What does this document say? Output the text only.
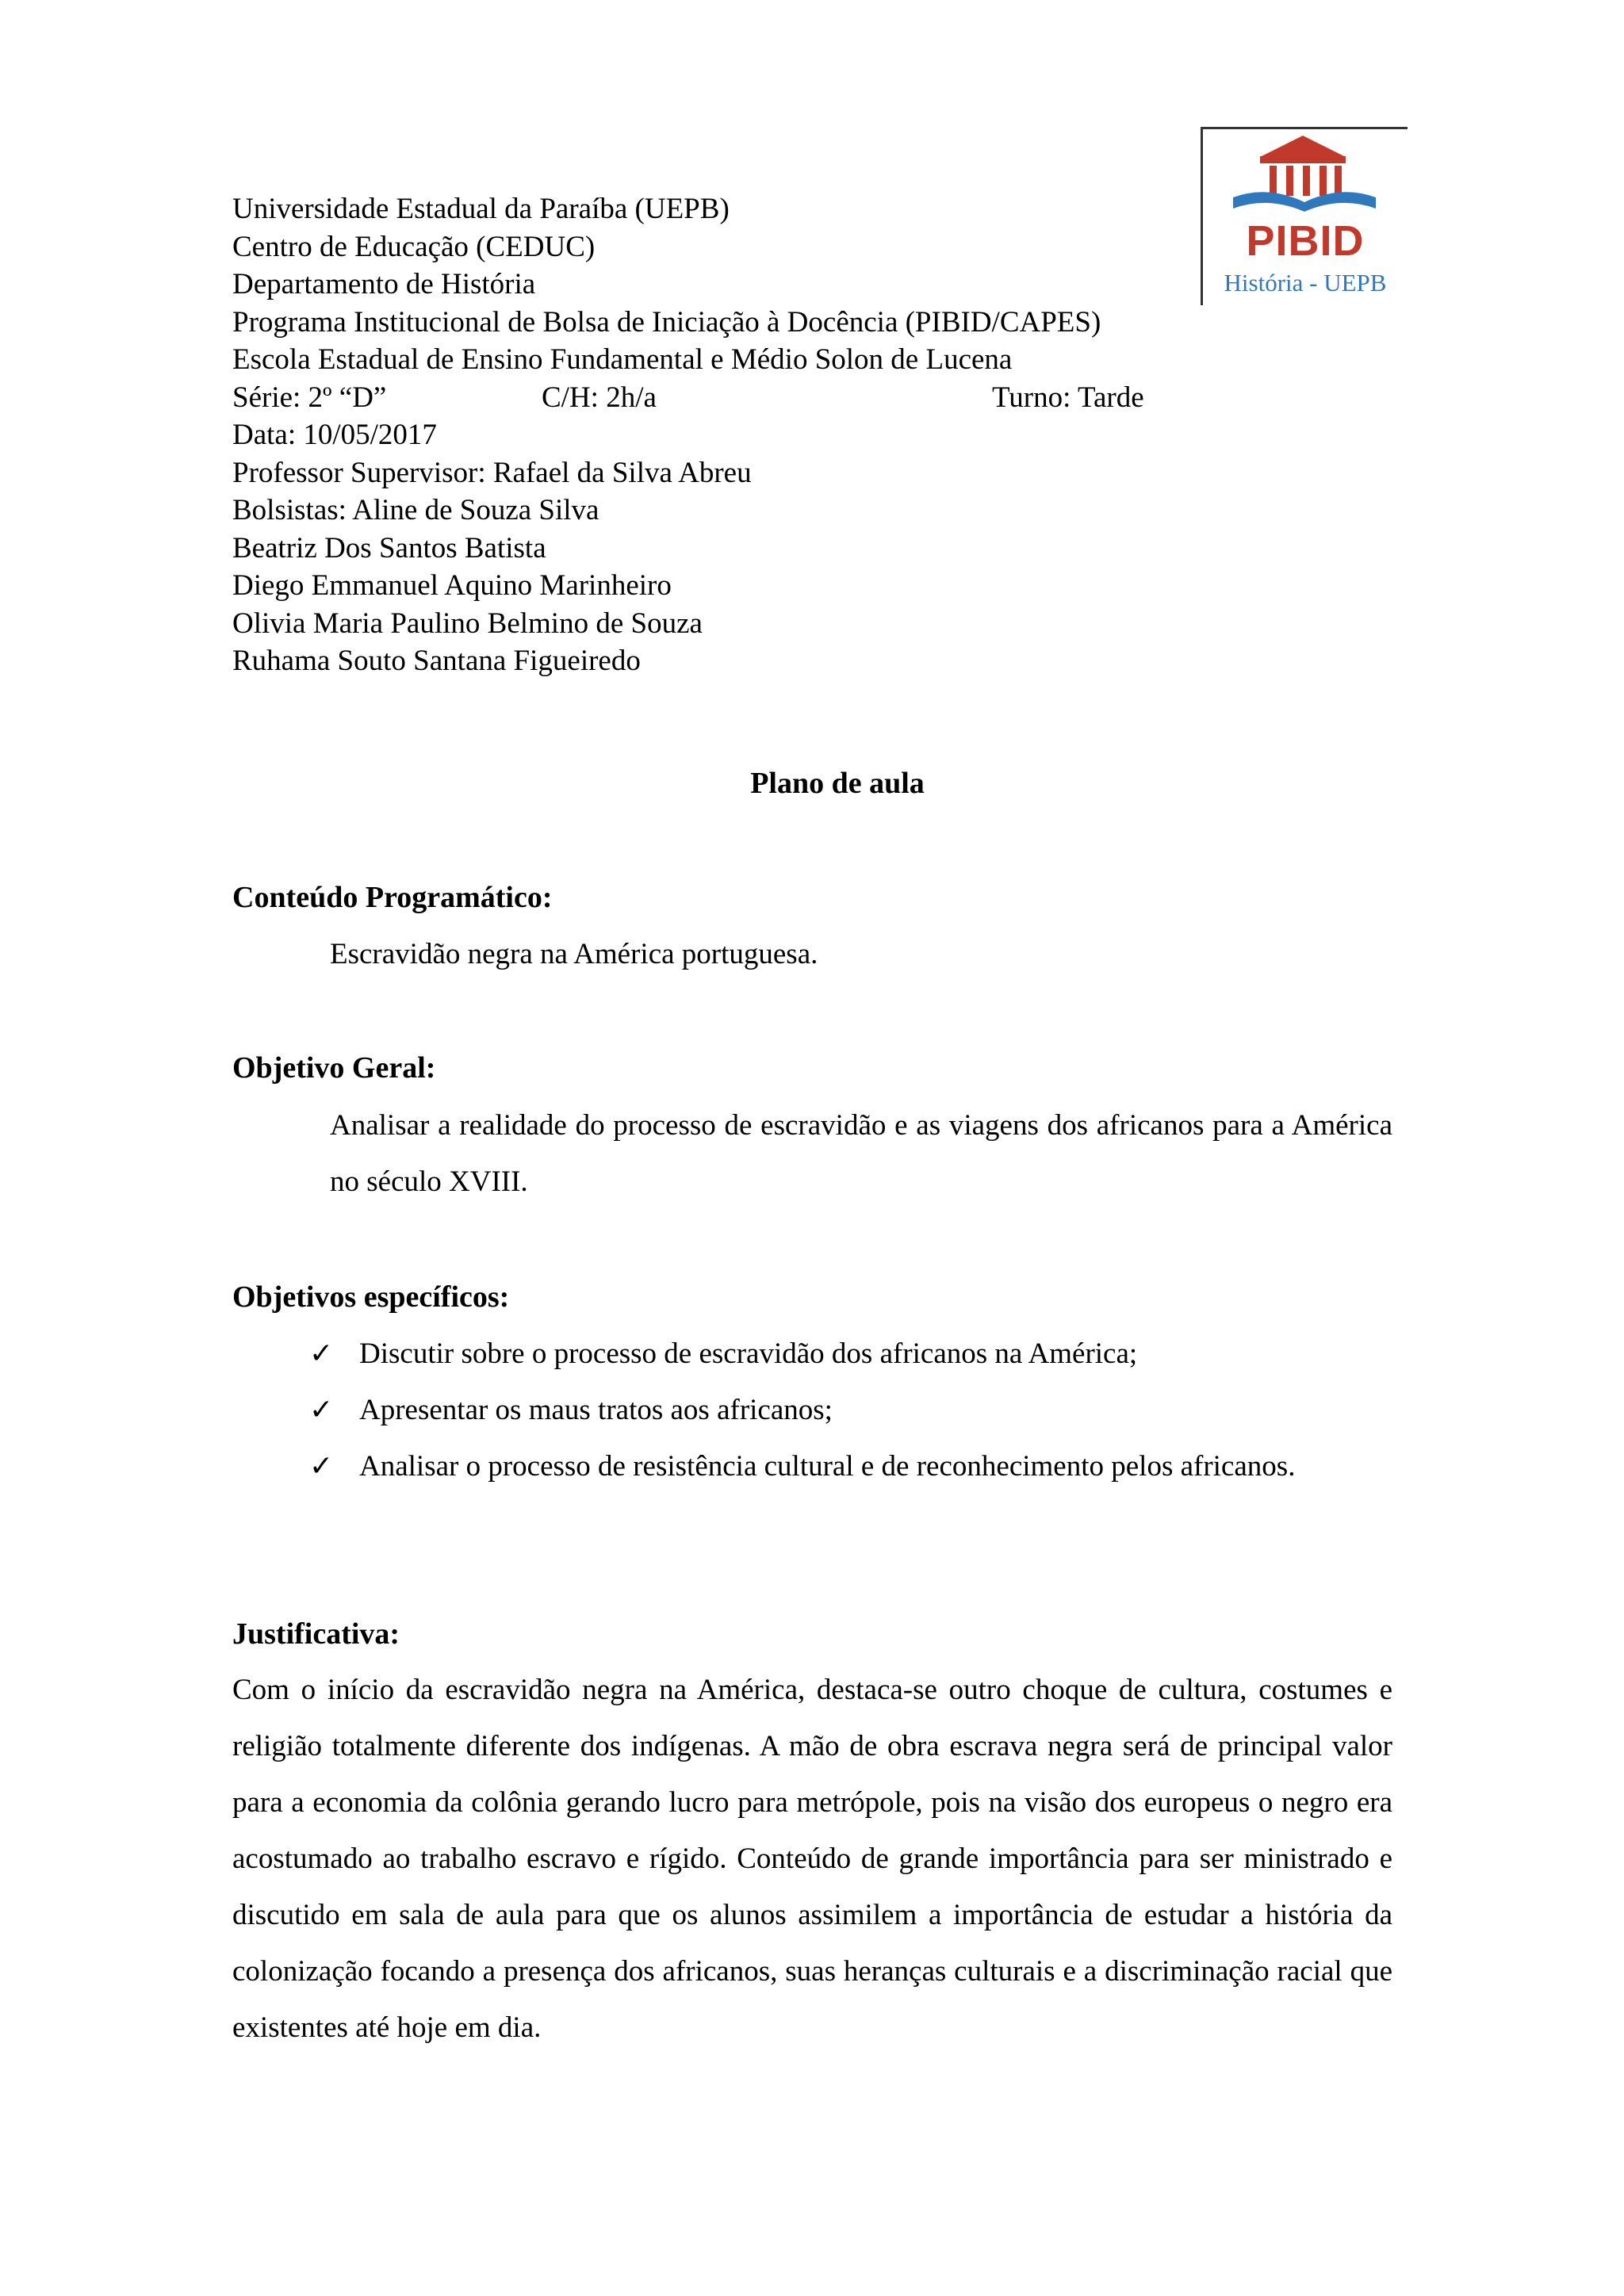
Universidade Estadual da Paraíba (UEPB)
Centro de Educação (CEDUC)
Departamento de História
Programa Institucional de Bolsa de Iniciação à Docência (PIBID/CAPES)
Escola Estadual de Ensino Fundamental e Médio Solon de Lucena
Série: 2º “D”	C/H: 2h/a	Turno: Tarde
Data: 10/05/2017
Professor Supervisor: Rafael da Silva Abreu
Bolsistas: Aline de Souza Silva
Beatriz Dos Santos Batista
Diego Emmanuel Aquino Marinheiro
Olivia Maria Paulino Belmino de Souza
Ruhama Souto Santana Figueiredo
PIBID
História - UEPB
Plano de aula
Conteúdo Programático:
Escravidão negra na América portuguesa.
Objetivo Geral:
Analisar a realidade do processo de escravidão e as viagens dos africanos para a América no século XVIII.
Objetivos específicos:
✓ Discutir sobre o processo de escravidão dos africanos na América;
✓ Apresentar os maus tratos aos africanos;
✓ Analisar o processo de resistência cultural e de reconhecimento pelos africanos.
Justificativa:
Com o início da escravidão negra na América, destaca-se outro choque de cultura, costumes e religião totalmente diferente dos indígenas. A mão de obra escrava negra será de principal valor para a economia da colônia gerando lucro para metrópole, pois na visão dos europeus o negro era acostumado ao trabalho escravo e rígido. Conteúdo de grande importância para ser ministrado e discutido em sala de aula para que os alunos assimilem a importância de estudar a história da colonização focando a presença dos africanos, suas heranças culturais e a discriminação racial que existentes até hoje em dia.
